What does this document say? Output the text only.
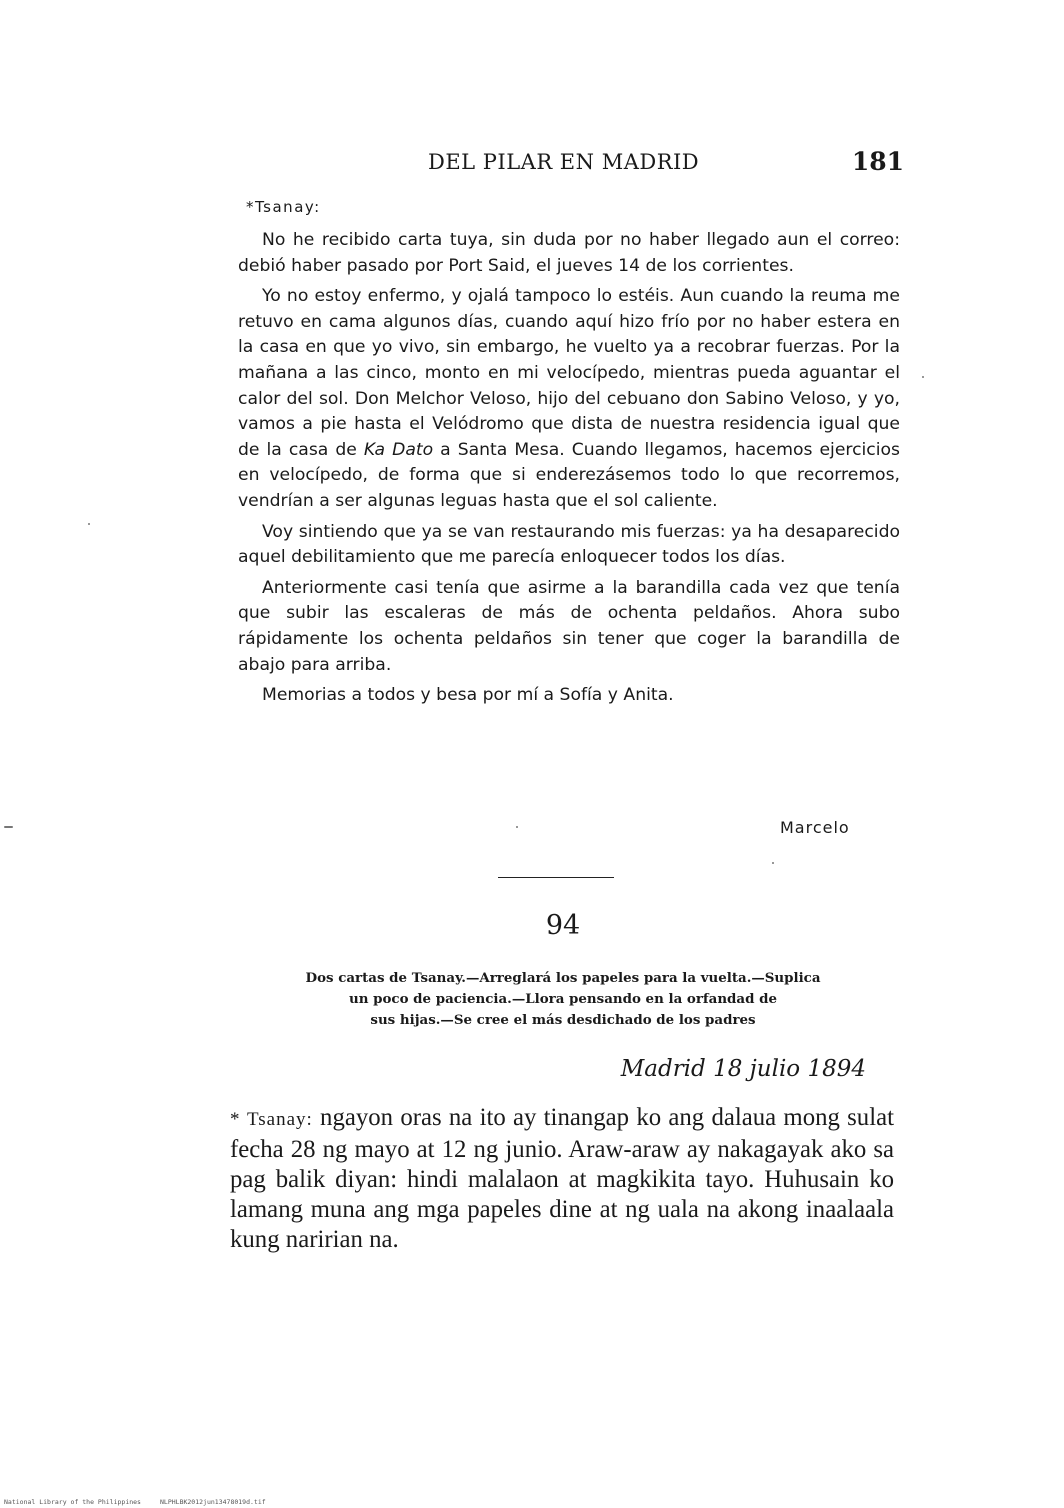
DEL PILAR EN MADRID	181
*Tsanay:

No he recibido carta tuya, sin duda por no haber llegado aun el correo: debió haber pasado por Port Said, el jueves 14 de los corrientes.

Yo no estoy enfermo, y ojalá tampoco lo estéis. Aun cuando la reuma me retuvo en cama algunos días, cuando aquí hizo frío por no haber estera en la casa en que yo vivo, sin embargo, he vuelto ya a recobrar fuerzas. Por la mañana a las cinco, monto en mi velocípedo, mientras pueda aguantar el calor del sol. Don Melchor Veloso, hijo del cebuano don Sabino Veloso, y yo, vamos a pie hasta el Velódromo que dista de nuestra residencia igual que de la casa de Ka Dato a Santa Mesa. Cuando llegamos, hacemos ejercicios en velocípedo, de forma que si enderezásemos todo lo que recorremos, vendrían a ser algunas leguas hasta que el sol caliente.

Voy sintiendo que ya se van restaurando mis fuerzas: ya ha desaparecido aquel debilitamiento que me parecía enloquecer todos los días.

Anteriormente casi tenía que asirme a la barandilla cada vez que tenía que subir las escaleras de más de ochenta peldaños. Ahora subo rápidamente los ochenta peldaños sin tener que coger la barandilla de abajo para arriba.

Memorias a todos y besa por mí a Sofía y Anita.

Marcelo
94
Dos cartas de Tsanay.—Arreglará los papeles para la vuelta.—Suplica
un poco de paciencia.—Llora pensando en la orfandad de
sus hijas.—Se cree el más desdichado de los padres
Madrid 18 julio 1894
* Tsanay: ngayon oras na ito ay tinangap ko ang dalaua mong sulat fecha 28 ng mayo at 12 ng junio. Araw-araw ay nakagayak ako sa pag balik diyan: hindi malalaon at magkikita tayo. Huhusain ko lamang muna ang mga papeles dine at ng uala na akong inaalaala kung naririan na.
National Library of the Philippines	NLPHLBK2012jun13478019d.tif
